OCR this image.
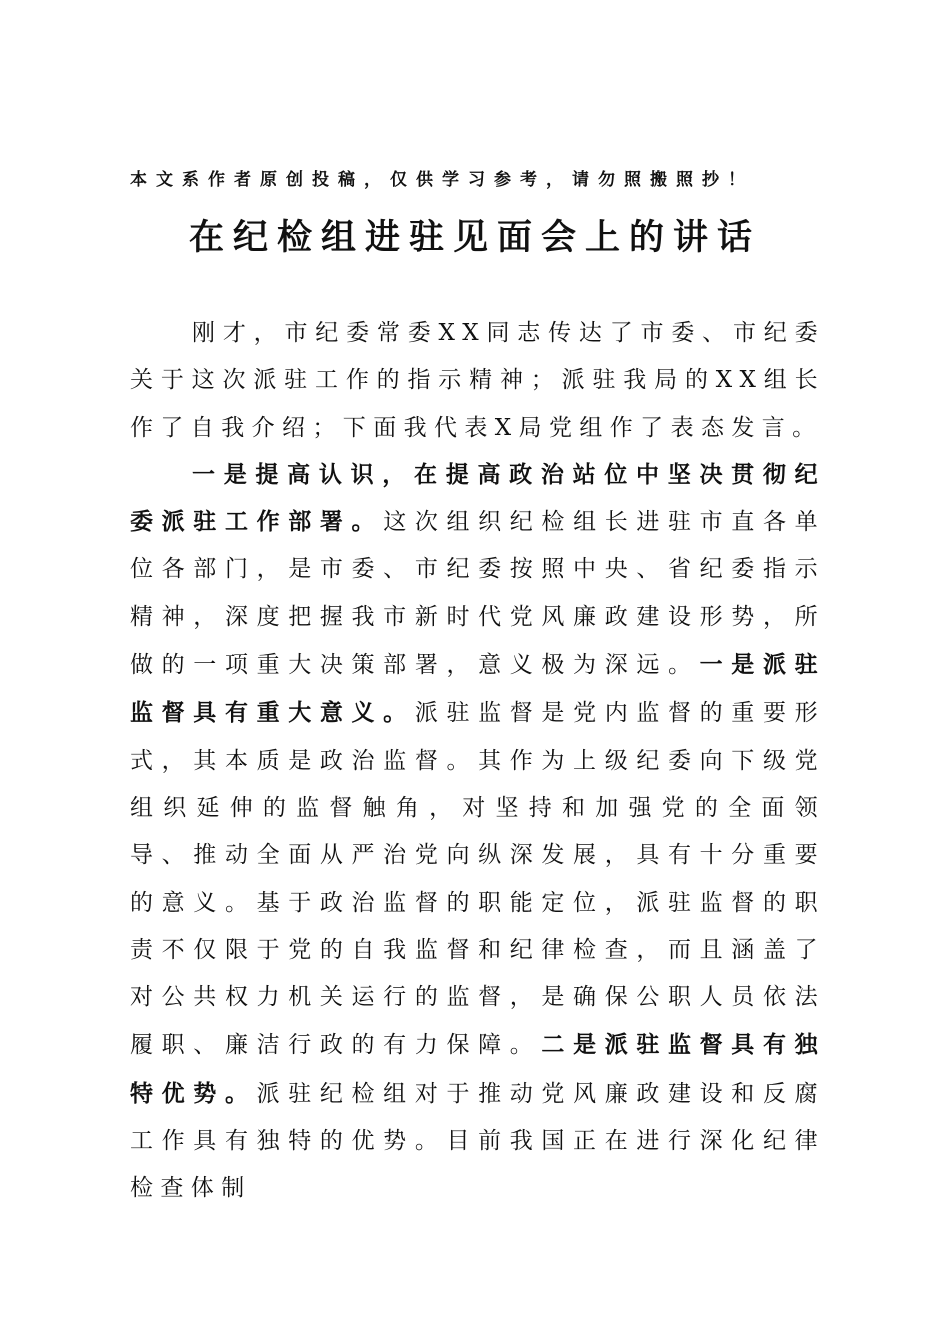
本文系作者原创投稿，仅供学习参考，请勿照搬照抄！
在纪检组进驻见面会上的讲话

刚才，市纪委常委XX同志传达了市委、市纪委关于这次派驻工作的指示精神；派驻我局的XX组长作了自我介绍；下面我代表X局党组作了表态发言。

一是提高认识，在提高政治站位中坚决贯彻纪委派驻工作部署。这次组织纪检组长进驻市直各单位各部门，是市委、市纪委按照中央、省纪委指示精神，深度把握我市新时代党风廉政建设形势，所做的一项重大决策部署，意义极为深远。一是派驻监督具有重大意义。派驻监督是党内监督的重要形式，其本质是政治监督。其作为上级纪委向下级党组织延伸的监督触角，对坚持和加强党的全面领导、推动全面从严治党向纵深发展，具有十分重要的意义。基于政治监督的职能定位，派驻监督的职责不仅限于党的自我监督和纪律检查，而且涵盖了对公共权力机关运行的监督，是确保公职人员依法履职、廉洁行政的有力保障。二是派驻监督具有独特优势。派驻纪检组对于推动党风廉政建设和反腐工作具有独特的优势。目前我国正在进行深化纪律检查体制
